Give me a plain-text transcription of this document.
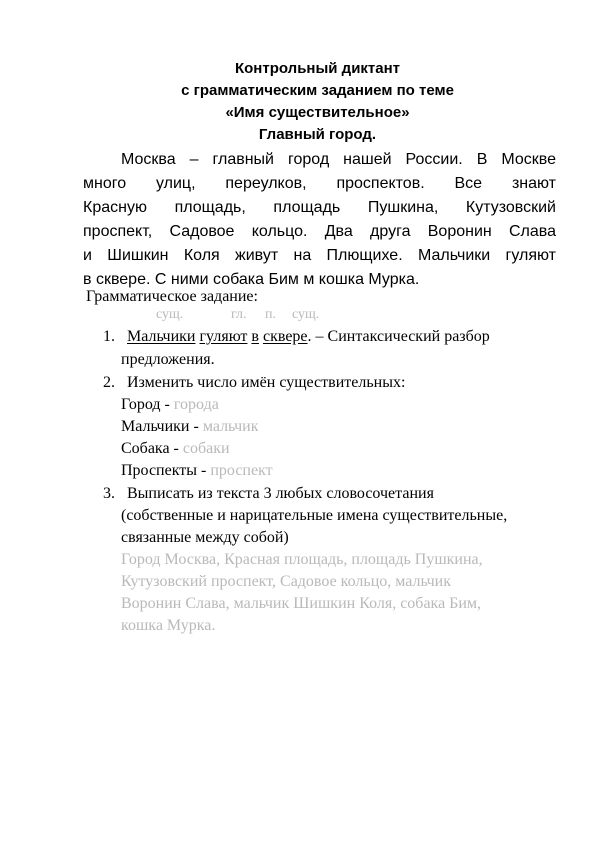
Контрольный диктант
с грамматическим заданием по теме
«Имя существительное»
Главный город.
Москва – главный город нашей России. В Москве
много улиц, переулков, проспектов. Все знают
Красную площадь, площадь Пушкина, Кутузовский
проспект, Садовое кольцо. Два друга Воронин Слава
и Шишкин Коля живут на Плющихе. Мальчики гуляют
в сквере. С ними собака Бим м кошка Мурка.
Грамматическое задание:
сущ.	гл. п. сущ.
1. Мальчики гуляют в сквере. – Синтаксический разбор
предложения.
2. Изменить число имён существительных:
Город - города
Мальчики - мальчик
Собака - собаки
Проспекты - проспект
3. Выписать из текста 3 любых словосочетания
(собственные и нарицательные имена существительные,
связанные между собой)
Город Москва, Красная площадь, площадь Пушкина,
Кутузовский проспект, Садовое кольцо, мальчик
Воронин Слава, мальчик Шишкин Коля, собака Бим,
кошка Мурка.
